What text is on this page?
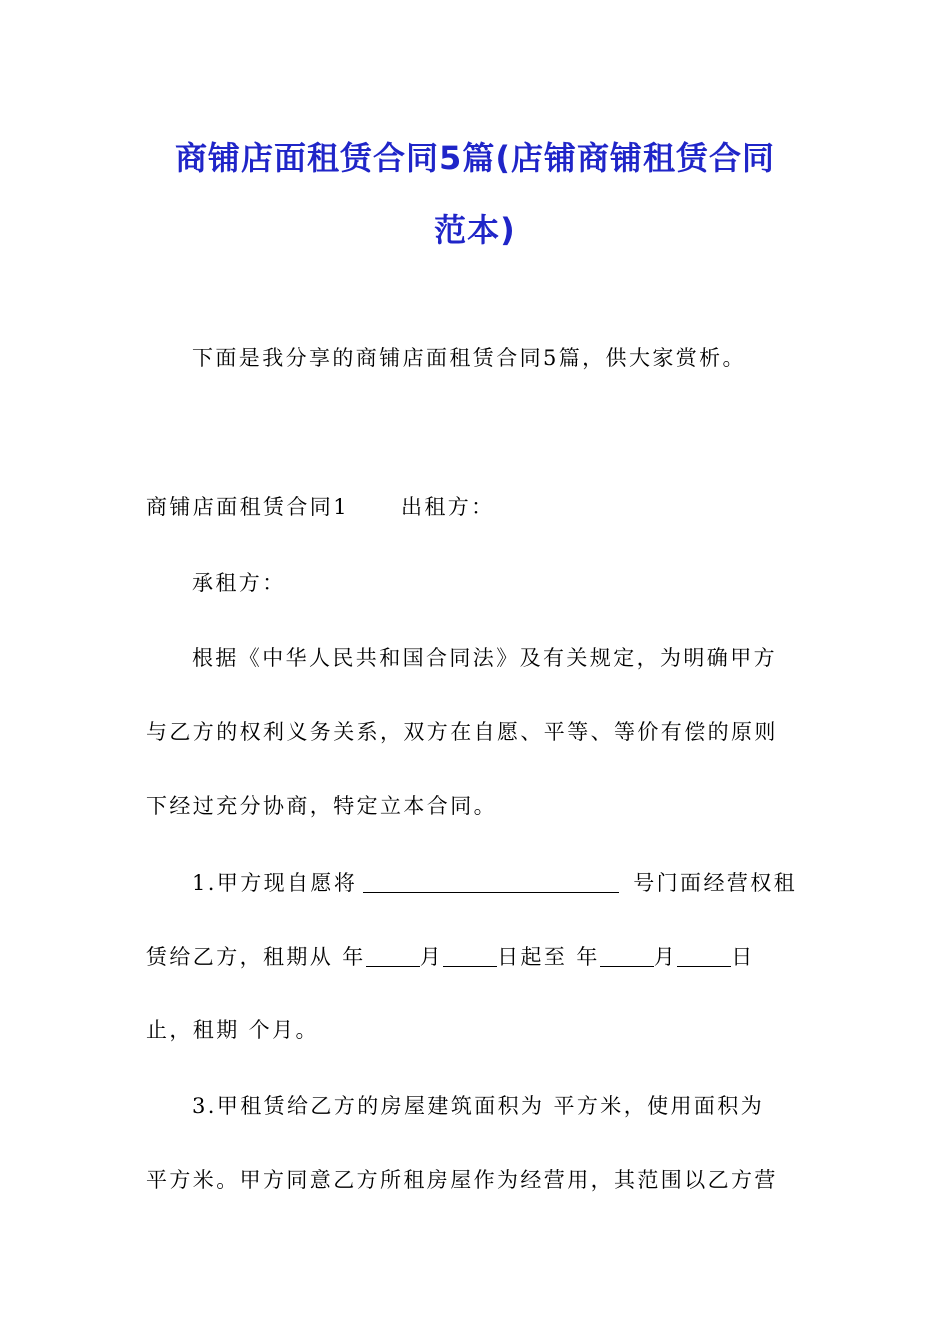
商铺店面租赁合同5篇(店铺商铺租赁合同
范本)
下面是我分享的商铺店面租赁合同5篇，供大家赏析。
商铺店面租赁合同1 出租方：
承租方：
根据《中华人民共和国合同法》及有关规定，为明确甲方
与乙方的权利义务关系，双方在自愿、平等、等价有偿的原则
下经过充分协商，特定立本合同。
1.甲方现自愿将	号门面经营权租
赁给乙方，租期从 年	月	日起至 年	月	日
止，租期 个月。
3.甲租赁给乙方的房屋建筑面积为 平方米，使用面积为
平方米。甲方同意乙方所租房屋作为经营用，其范围以乙方营
